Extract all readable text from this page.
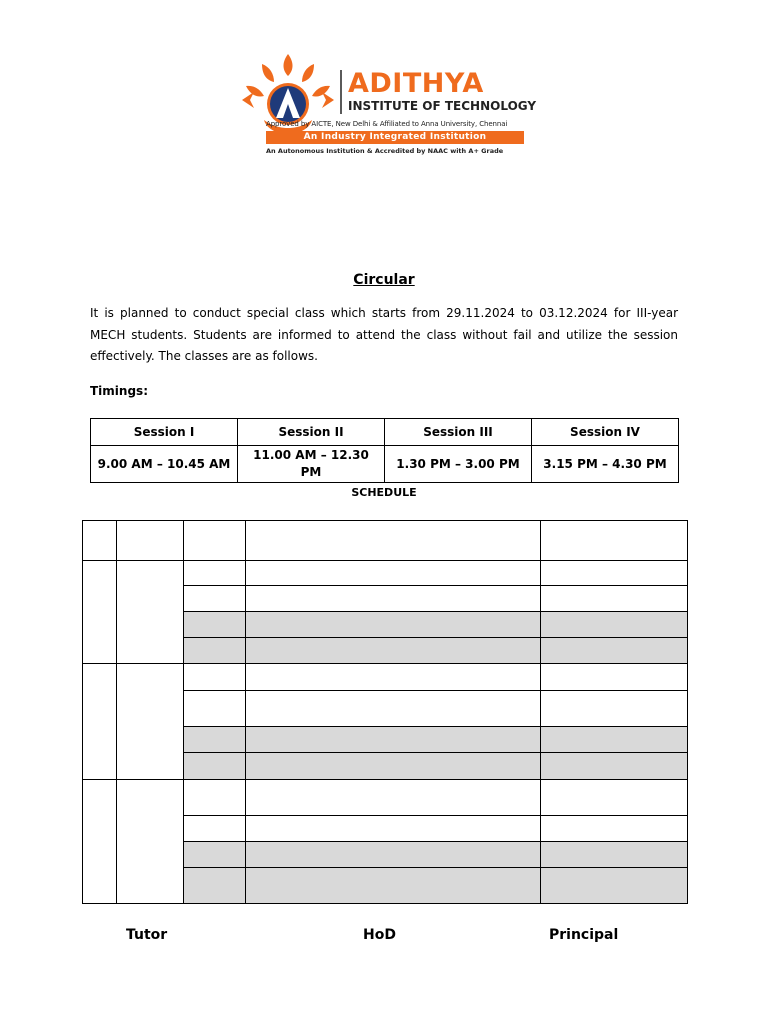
ADITHYA
INSTITUTE OF TECHNOLOGY
Approved by AICTE, New Delhi & Affiliated to Anna University, Chennai
An Industry Integrated Institution
An Autonomous Institution & Accredited by NAAC with A+ Grade
Circular
It is planned to conduct special class which starts from 29.11.2024 to 03.12.2024 for III-year MECH students. Students are informed to attend the class without fail and utilize the session effectively. The classes are as follows.
Timings:
Session I	Session II	Session III	Session IV
9.00 AM – 10.45 AM	11.00 AM – 12.30 PM	1.30 PM – 3.00 PM	3.15 PM – 4.30 PM
SCHEDULE

Tutor	HoD	Principal
